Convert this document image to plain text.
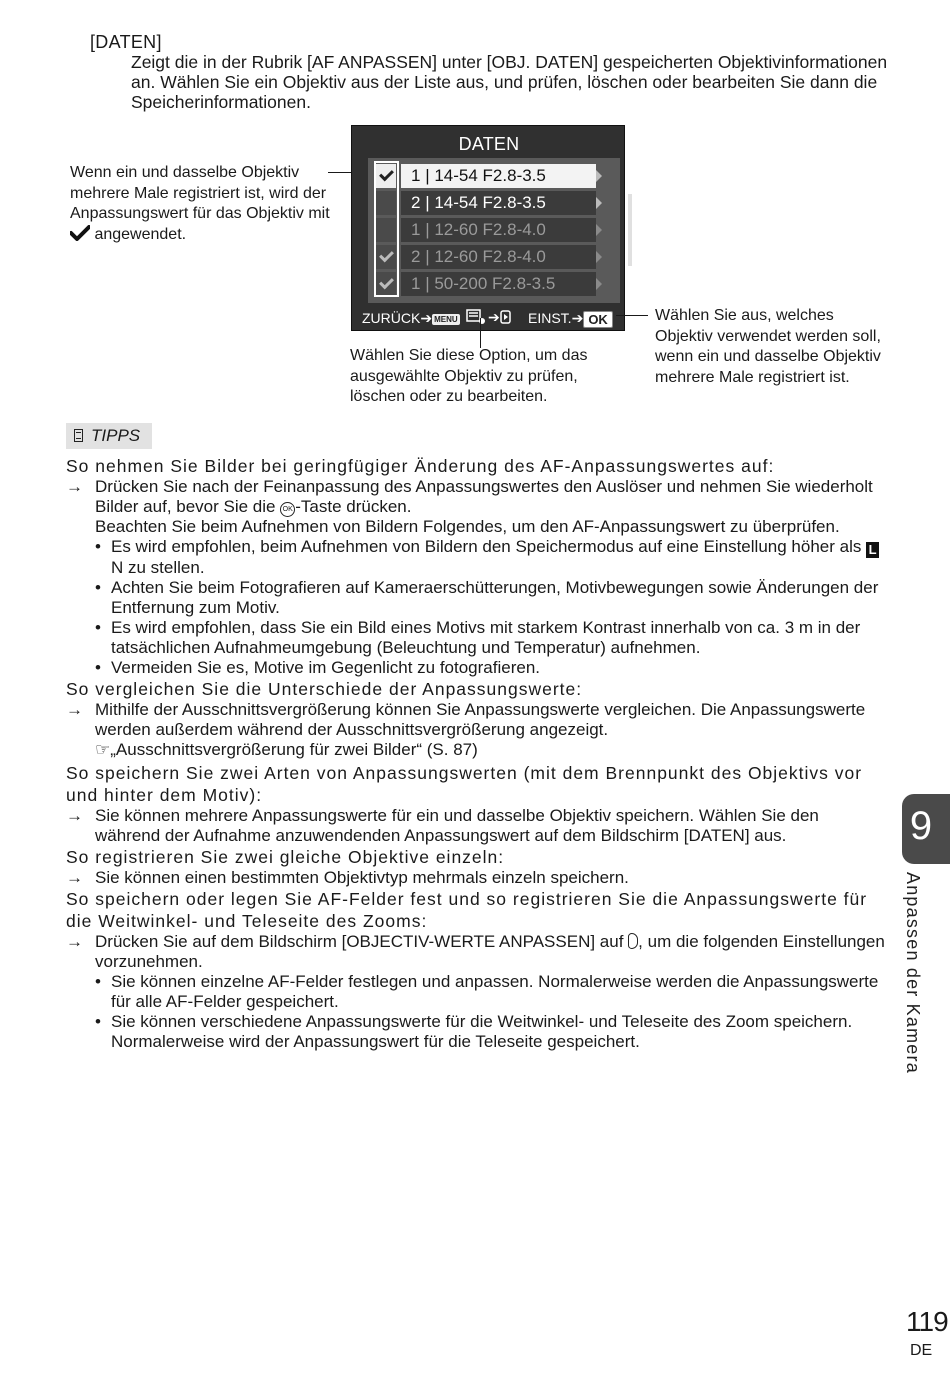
[DATEN]
Zeigt die in der Rubrik [AF ANPASSEN] unter [OBJ. DATEN] gespeicherten Objektivinformationen an. Wählen Sie ein Objektiv aus der Liste aus, und prüfen, löschen oder bearbeiten Sie dann die Speicherinformationen.
Wenn ein und dasselbe Objektiv mehrere Male registriert ist, wird der Anpassungswert für das Objektiv mit  angewendet.
DATEN
1 | 14-54 F2.8-3.5
2 | 14-54 F2.8-3.5
1 | 12-60 F2.8-4.0
2 | 12-60 F2.8-4.0
1 | 50-200 F2.8-3.5
ZURÜCK➔ MENU	➔	EINST.➔ OK	Wählen Sie aus, welches Objektiv verwendet werden soll, wenn ein und dasselbe Objektiv mehrere Male registriert ist.
Wählen Sie diese Option, um das ausgewählte Objektiv zu prüfen, löschen oder zu bearbeiten.
TIPPS

So nehmen Sie Bilder bei geringfügiger Änderung des AF-Anpassungswertes auf:

→ Drücken Sie nach der Feinanpassung des Anpassungswertes den Auslöser und nehmen Sie wiederholt Bilder auf, bevor Sie die OK -Taste drücken.

Beachten Sie beim Aufnehmen von Bildern Folgendes, um den AF-Anpassungswert zu überprüfen.

• Es wird empfohlen, beim Aufnehmen von Bildern den Speichermodus auf eine Einstellung höher als LN zu stellen.

• Achten Sie beim Fotografieren auf Kameraerschütterungen, Motivbewegungen sowie Änderungen der Entfernung zum Motiv.

• Es wird empfohlen, dass Sie ein Bild eines Motivs mit starkem Kontrast innerhalb von ca. 3 m in der tatsächlichen Aufnahmeumgebung (Beleuchtung und Temperatur) aufnehmen.

• Vermeiden Sie es, Motive im Gegenlicht zu fotografieren.

So vergleichen Sie die Unterschiede der Anpassungswerte:

→ Mithilfe der Ausschnittsvergrößerung können Sie Anpassungswerte vergleichen. Die Anpassungswerte werden außerdem während der Ausschnittsvergrößerung angezeigt.

☞„Ausschnittsvergrößerung für zwei Bilder“ (S. 87)

So speichern Sie zwei Arten von Anpassungswerten (mit dem Brennpunkt des Objektivs vor und hinter dem Motiv):

→ Sie können mehrere Anpassungswerte für ein und dasselbe Objektiv speichern. Wählen Sie den während der Aufnahme anzuwendenden Anpassungswert auf dem Bildschirm [DATEN] aus.

So registrieren Sie zwei gleiche Objektive einzeln:

→ Sie können einen bestimmten Objektivtyp mehrmals einzeln speichern.

So speichern oder legen Sie AF-Felder fest und so registrieren Sie die Anpassungswerte für die Weitwinkel- und Teleseite des Zooms:

→ Drücken Sie auf dem Bildschirm [OBJECTIV-WERTE ANPASSEN] auf , um die folgenden Einstellungen vorzunehmen.

• Sie können einzelne AF-Felder festlegen und anpassen. Normalerweise werden die Anpassungswerte für alle AF-Felder gespeichert.

• Sie können verschiedene Anpassungswerte für die Weitwinkel- und Teleseite des Zoom speichern. Normalerweise wird der Anpassungswert für die Teleseite gespeichert.

9
Anpassen der Kamera
119
DE
